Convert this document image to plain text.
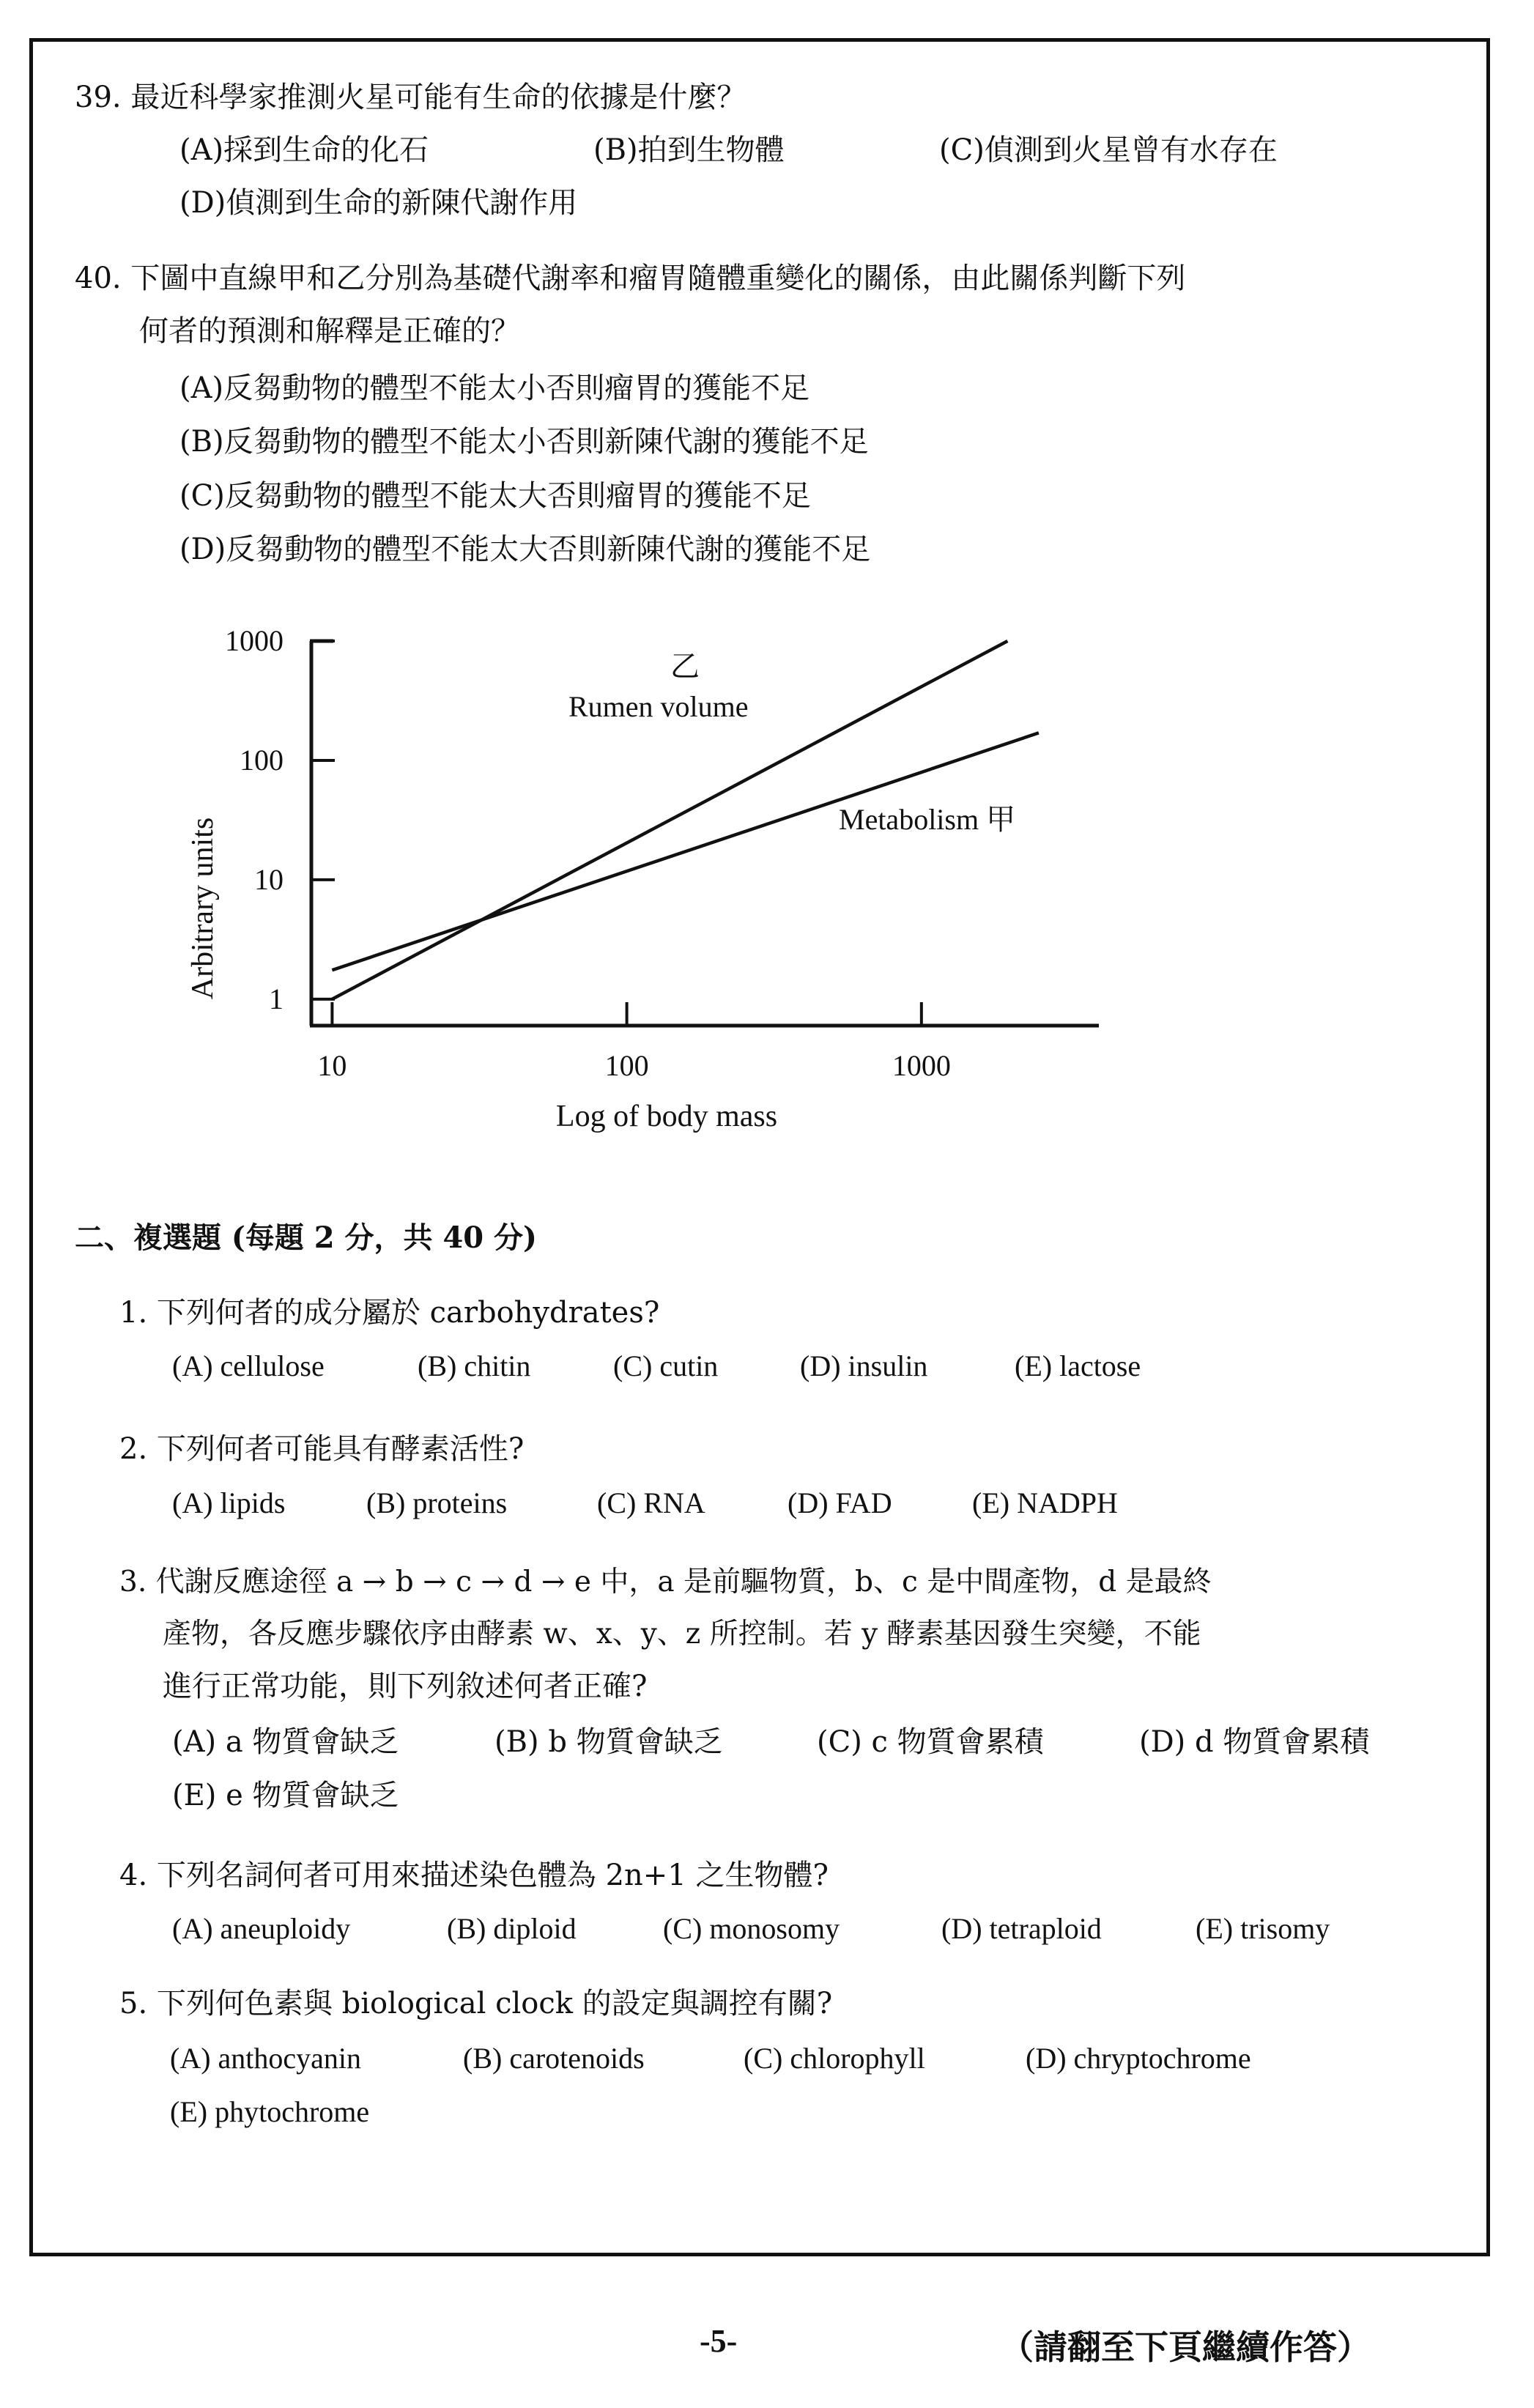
39. 最近科學家推測火星可能有生命的依據是什麼？
(A)採到生命的化石	(B)拍到生物體	(C)偵測到火星曾有水存在
(D)偵測到生命的新陳代謝作用
40. 下圖中直線甲和乙分別為基礎代謝率和瘤胃隨體重變化的關係，由此關係判斷下列
何者的預測和解釋是正確的？
(A)反芻動物的體型不能太小否則瘤胃的獲能不足
(B)反芻動物的體型不能太小否則新陳代謝的獲能不足
(C)反芻動物的體型不能太大否則瘤胃的獲能不足
(D)反芻動物的體型不能太大否則新陳代謝的獲能不足
1
10
100
1000
10	100	1000
乙
Rumen volume
Metabolism 甲
Arbitrary units
Log of body mass
二、複選題 (每題 2 分，共 40 分)
1. 下列何者的成分屬於 carbohydrates?
(A) cellulose	(B) chitin	(C) cutin	(D) insulin	(E) lactose
2. 下列何者可能具有酵素活性?
(A) lipids	(B) proteins	(C) RNA	(D) FAD	(E) NADPH
3. 代謝反應途徑 a → b → c → d → e 中，a 是前驅物質，b、c 是中間產物，d 是最終
產物，各反應步驟依序由酵素 w、x、y、z 所控制。若 y 酵素基因發生突變，不能
進行正常功能，則下列敘述何者正確?
(A) a 物質會缺乏	(B) b 物質會缺乏	(C) c 物質會累積	(D) d 物質會累積
(E) e 物質會缺乏
4. 下列名詞何者可用來描述染色體為 2n+1 之生物體?
(A) aneuploidy	(B) diploid	(C) monosomy	(D) tetraploid	(E) trisomy
5. 下列何色素與 biological clock 的設定與調控有關?
(A) anthocyanin	(B) carotenoids	(C) chlorophyll	(D) chryptochrome
(E) phytochrome
-5-	（請翻至下頁繼續作答）
